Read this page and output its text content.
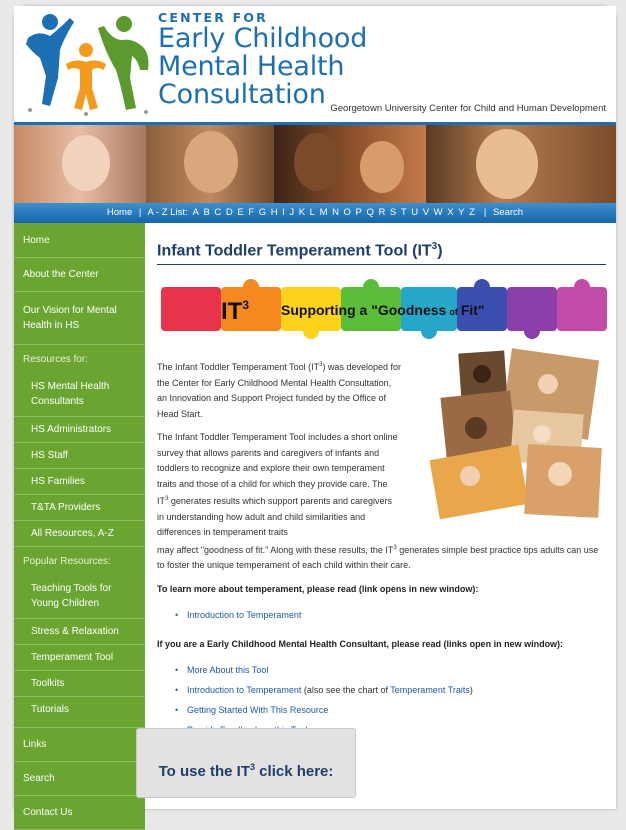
CENTER FOR
Early Childhood
Mental Health
Consultation Georgetown University Center for Child and Human Development
Home | A - Z List: A B C D E F G H I J K L M N O P Q R S T U V W X Y Z | Search
Home
About the Center
Our Vision for Mental Health in HS
Resources for:
HS Mental Health Consultants
HS Administrators
HS Staff
HS Families
T&TA Providers
All Resources, A-Z
Popular Resources:
Teaching Tools for Young Children
Stress & Relaxation
Temperament Tool
Toolkits
Tutorials
Links
Search
Contact Us
Infant Toddler Temperament Tool $(IT^3)$
$IT^3$ Supporting a "Goodness of Fit"

The Infant Toddler Temperament Tool $(IT^3)$ was developed for the Center for Early Childhood Mental Health Consultation, an Innovation and Support Project funded by the Office of Head Start.

The Infant Toddler Temperament Tool includes a short online survey that allows parents and caregivers of infants and toddlers to recognize and explore their own temperament traits and those of a child for which they provide care. The $IT^3$ generates results which support parents and caregivers in understanding how adult and child similarities and differences in temperament traits

may affect "goodness of fit." Along with these results, the $IT^3$ generates simple best practice tips adults can use to foster the unique temperament of each child within their care.

To learn more about temperament, please read (link opens in new window):

• Introduction to Temperament

If you are a Early Childhood Mental Health Consultant, please read (links open in new window):

• More About this Tool
• Introduction to Temperament (also see the chart of Temperament Traits)
• Getting Started With This Resource
•
To use the $IT^3$ click here:
